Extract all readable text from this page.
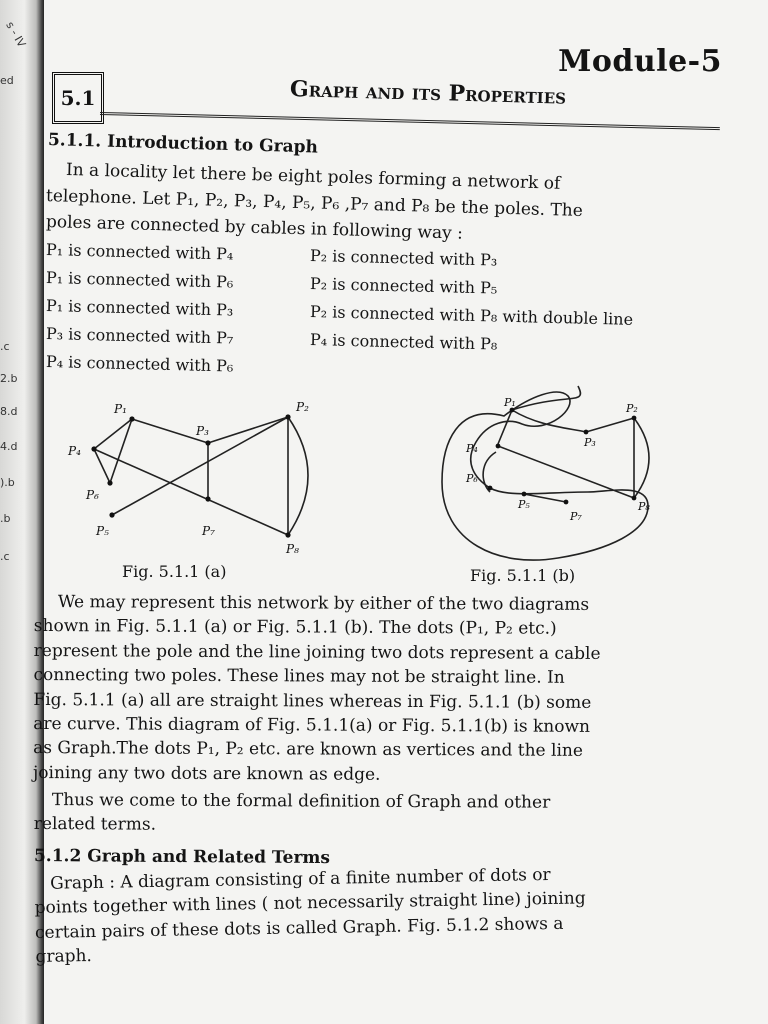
s - IV
ed
.c
2.b
8.d
4.d
).b
.b
.c
Module-5
5.1	Graph and its Properties
5.1.1. Introduction to Graph
In a locality let there be eight poles forming a network of
telephone. Let P₁, P₂, P₃, P₄, P₅, P₆ ,P₇ and P₈ be the poles. The
poles are connected by cables in following way :
P₁ is connected with P₄
P₁ is connected with P₆
P₁ is connected with P₃
P₃ is connected with P₇
P₄ is connected with P₆
P₂ is connected with P₃
P₂ is connected with P₅
P₂ is connected with P₈ with double line
P₄ is connected with P₈
P₁	P₂
P₃
P₄
P₅
P₆
P₇
P₈
Fig. 5.1.1 (a)
P₁	P₂
P₃
P₄
P₅
P₆
P₇
P₈
Fig. 5.1.1 (b)
We may represent this network by either of the two diagrams
shown in Fig. 5.1.1 (a) or Fig. 5.1.1 (b). The dots (P₁, P₂ etc.)
represent the pole and the line joining two dots represent a cable
connecting two poles. These lines may not be straight line. In
Fig. 5.1.1 (a) all are straight lines whereas in Fig. 5.1.1 (b) some
are curve. This diagram of Fig. 5.1.1(a) or Fig. 5.1.1(b) is known
as Graph.The dots P₁, P₂ etc. are known as vertices and the line
joining any two dots are known as edge.
Thus we come to the formal definition of Graph and other
related terms.
5.1.2 Graph and Related Terms
Graph : A diagram consisting of a finite number of dots or
points together with lines ( not necessarily straight line) joining
certain pairs of these dots is called Graph. Fig. 5.1.2 shows a
graph.
